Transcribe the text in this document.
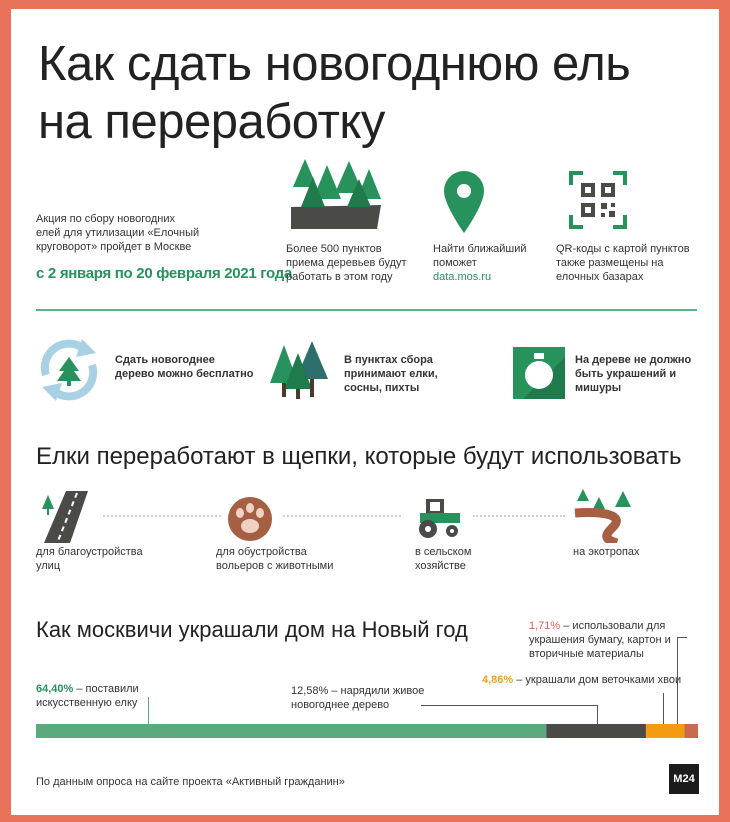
Как сдать новогоднюю ель
на переработку
Акция по сбору новогодних елей для утилизации «Елочный круговорот» пройдет в Москве
с 2 января по 20 февраля 2021 года
Более 500 пунктов приема деревьев будут работать в этом году
Найти ближайший поможет
data.mos.ru
QR-коды с картой пунктов также размещены на елочных базарах
Сдать новогоднее дерево можно бесплатно
В пунктах сбора принимают елки, сосны, пихты
На дереве не должно быть украшений и мишуры
Елки переработают в щепки, которые будут использовать
для благоустройства улиц
для обустройства вольеров с животными
в сельском хозяйстве
на экотропах
Как москвичи украшали дом на Новый год	1,71% – использовали для украшения бумагу, картон и вторичные материалы
4,86% – украшали дом веточками хвои
64,40% – поставили искусственную елку
12,58% – нарядили живое новогоднее дерево
По данным опроса на сайте проекта «Активный гражданин»	M24
